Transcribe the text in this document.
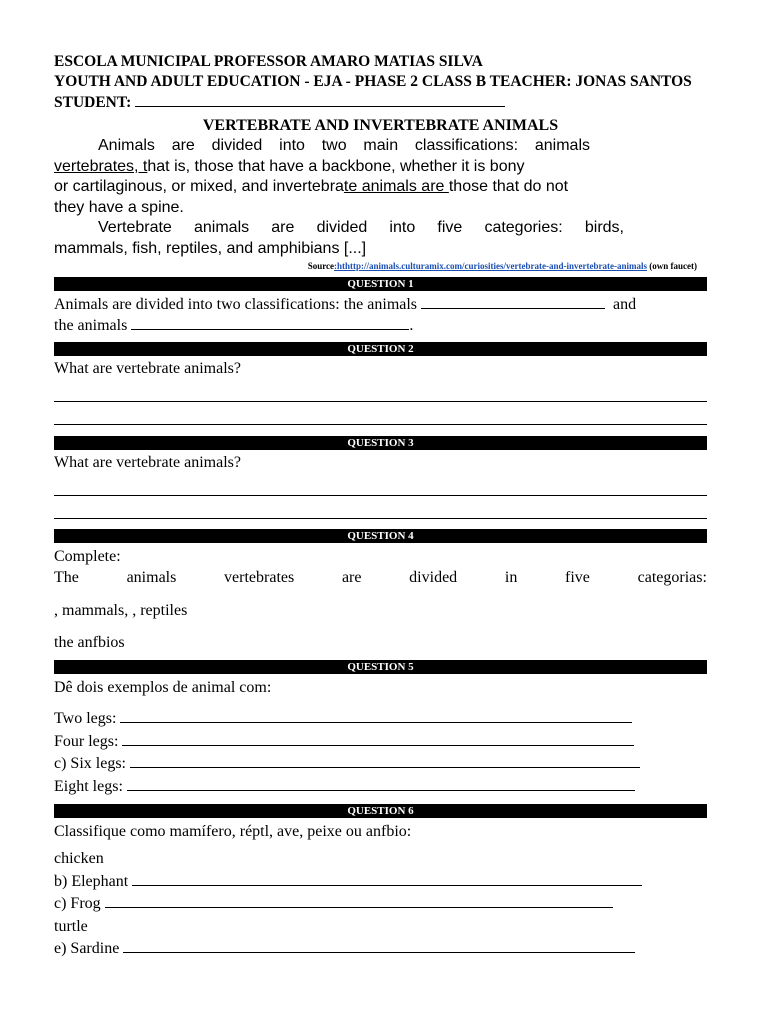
ESCOLA MUNICIPAL PROFESSOR AMARO MATIAS SILVA
YOUTH AND ADULT EDUCATION - EJA - PHASE 2 CLASS B TEACHER: JONAS SANTOS
STUDENT:
VERTEBRATE AND INVERTEBRATE ANIMALS
Animals are divided into two main classifications: animals
vertebrates, that is, those that have a backbone, whether it is bony
or cartilaginous, or mixed, and invertebrate animals are those that do not
they have a spine.
Vertebrate animals are divided into five categories: birds,
mammals, fish, reptiles, and amphibians [...]
Source:hthttp://animals.culturamix.com/curiosities/vertebrate-and-invertebrate-animals (own faucet)
QUESTION 1
Animals are divided into two classifications: the animals	and
the animals	.
QUESTION 2
What are vertebrate animals?
QUESTION 3
What are vertebrate animals?
QUESTION 4
Complete:
The	animals	vertebrates	are	divided	in	five	categorias:
, mammals, , reptiles
the anfbios
QUESTION 5
Dê dois exemplos de animal com:
Two legs:
Four legs:
c) Six legs:
Eight legs:
QUESTION 6
Classifique como mamífero, réptl, ave, peixe ou anfbio:
chicken
b) Elephant
c) Frog
turtle
e) Sardine
